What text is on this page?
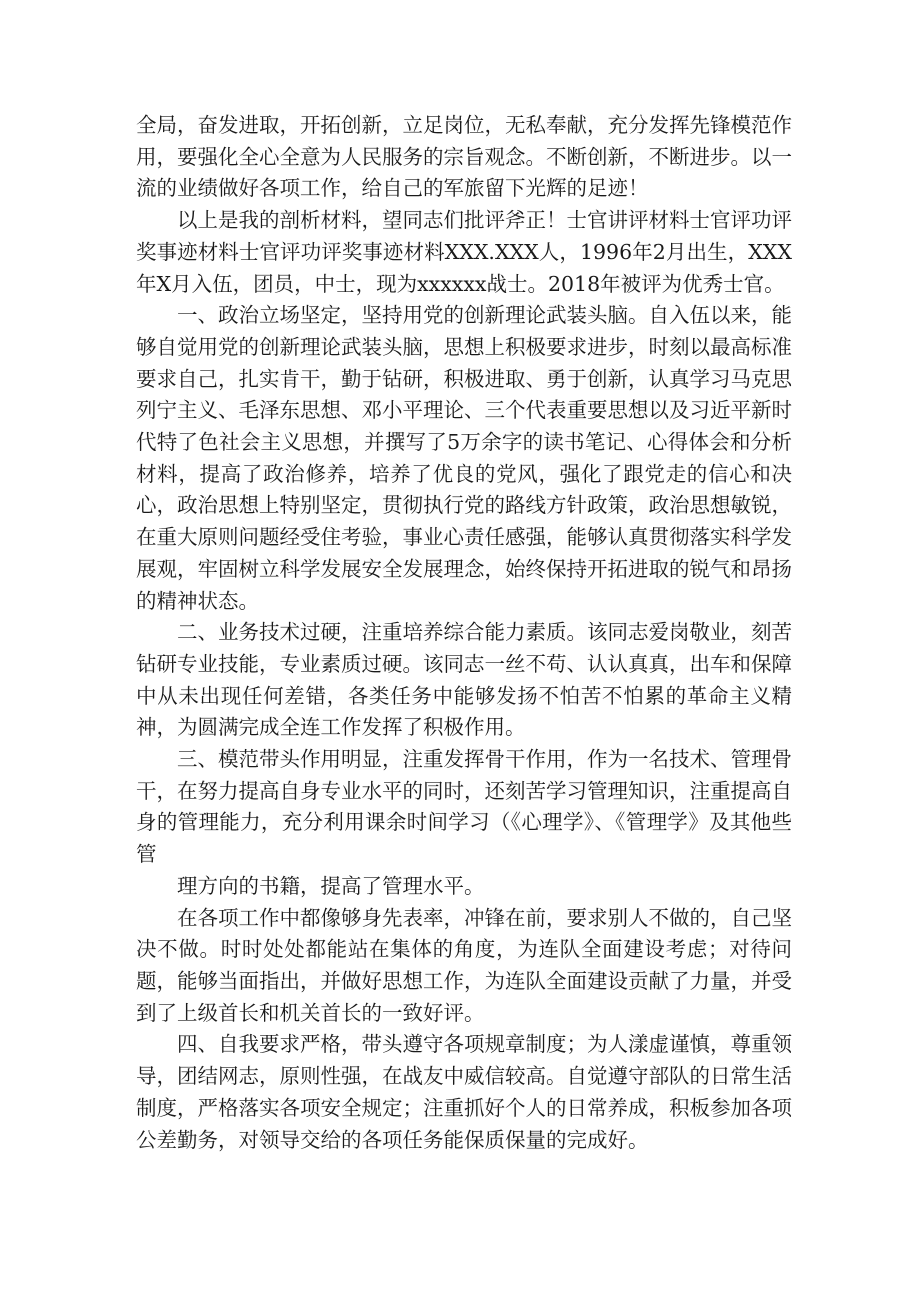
全局，奋发进取，开拓创新，立足岗位，无私奉献，充分发挥先锋模范作用，要强化全心全意为人民服务的宗旨观念。不断创新，不断进步。以一流的业绩做好各项工作，给自己的军旅留下光辉的足迹！

以上是我的剖析材料，望同志们批评斧正！士官讲评材料士官评功评奖事迹材料士官评功评奖事迹材料XXX.XXX人，1996年2月出生，XXX年X月入伍，团员，中士，现为xxxxxx战士。2018年被评为优秀士官。

一、政治立场坚定，坚持用党的创新理论武装头脑。自入伍以来，能够自觉用党的创新理论武装头脑，思想上积极要求进步，时刻以最高标准要求自己，扎实肯干，勤于钻研，积极进取、勇于创新，认真学习马克思列宁主义、毛泽东思想、邓小平理论、三个代表重要思想以及习近平新时代特了色社会主义思想，并撰写了5万余字的读书笔记、心得体会和分析材料，提高了政治修养，培养了优良的党风，强化了跟党走的信心和决心，政治思想上特别坚定，贯彻执行党的路线方针政策，政治思想敏锐，在重大原则问题经受住考验，事业心责任感强，能够认真贯彻落实科学发展观，牢固树立科学发展安全发展理念，始终保持开拓进取的锐气和昂扬的精神状态。

二、业务技术过硬，注重培养综合能力素质。该同志爱岗敬业，刻苦钻研专业技能，专业素质过硬。该同志一丝不苟、认认真真，出车和保障中从未出现任何差错，各类任务中能够发扬不怕苦不怕累的革命主义精神，为圆满完成全连工作发挥了积极作用。

三、模范带头作用明显，注重发挥骨干作用，作为一名技术、管理骨干，在努力提高自身专业水平的同时，还刻苦学习管理知识，注重提高自身的管理能力，充分利用课余时间学习（《心理学》、《管理学》及其他些管

理方向的书籍，提高了管理水平。

在各项工作中都像够身先表率，冲锋在前，要求别人不做的，自己坚决不做。时时处处都能站在集体的角度，为连队全面建设考虑；对待问题，能够当面指出，并做好思想工作，为连队全面建设贡献了力量，并受到了上级首长和机关首长的一致好评。

四、自我要求严格，带头遵守各项规章制度；为人漾虚谨慎，尊重领导，团结网志，原则性强，在战友中威信较高。自觉遵守部队的日常生活制度，严格落实各项安全规定；注重抓好个人的日常养成，积板参加各项公差勤务，对领导交给的各项任务能保质保量的完成好。
